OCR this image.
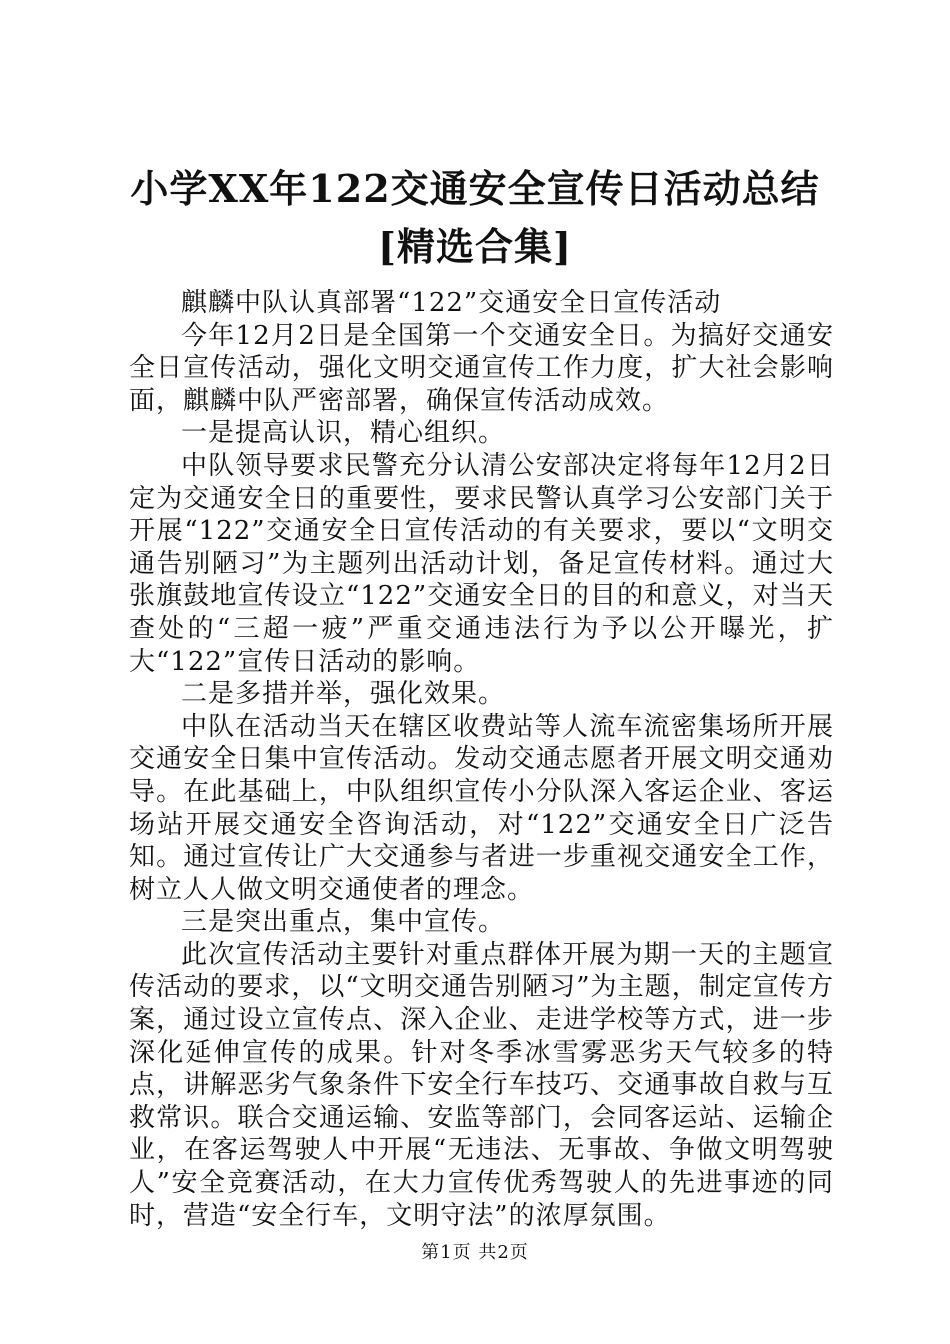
小学XX年122交通安全宣传日活动总结[精选合集]

麒麟中队认真部署“122”交通安全日宣传活动

今年12月2日是全国第一个交通安全日。为搞好交通安全日宣传活动，强化文明交通宣传工作力度，扩大社会影响面，麒麟中队严密部署，确保宣传活动成效。

一是提高认识，精心组织。

中队领导要求民警充分认清公安部决定将每年12月2日定为交通安全日的重要性，要求民警认真学习公安部门关于开展“122”交通安全日宣传活动的有关要求，要以“文明交通告别陋习”为主题列出活动计划，备足宣传材料。通过大张旗鼓地宣传设立“122”交通安全日的目的和意义，对当天查处的“三超一疲”严重交通违法行为予以公开曝光，扩大“122”宣传日活动的影响。

二是多措并举，强化效果。

中队在活动当天在辖区收费站等人流车流密集场所开展交通安全日集中宣传活动。发动交通志愿者开展文明交通劝导。在此基础上，中队组织宣传小分队深入客运企业、客运场站开展交通安全咨询活动，对“122”交通安全日广泛告知。通过宣传让广大交通参与者进一步重视交通安全工作，树立人人做文明交通使者的理念。

三是突出重点，集中宣传。

此次宣传活动主要针对重点群体开展为期一天的主题宣传活动的要求，以“文明交通告别陋习”为主题，制定宣传方案，通过设立宣传点、深入企业、走进学校等方式，进一步深化延伸宣传的成果。针对冬季冰雪雾恶劣天气较多的特点，讲解恶劣气象条件下安全行车技巧、交通事故自救与互救常识。联合交通运输、安监等部门，会同客运站、运输企业，在客运驾驶人中开展“无违法、无事故、争做文明驾驶人”安全竞赛活动，在大力宣传优秀驾驶人的先进事迹的同时，营造“安全行车，文明守法”的浓厚氛围。

第1页 共2页
